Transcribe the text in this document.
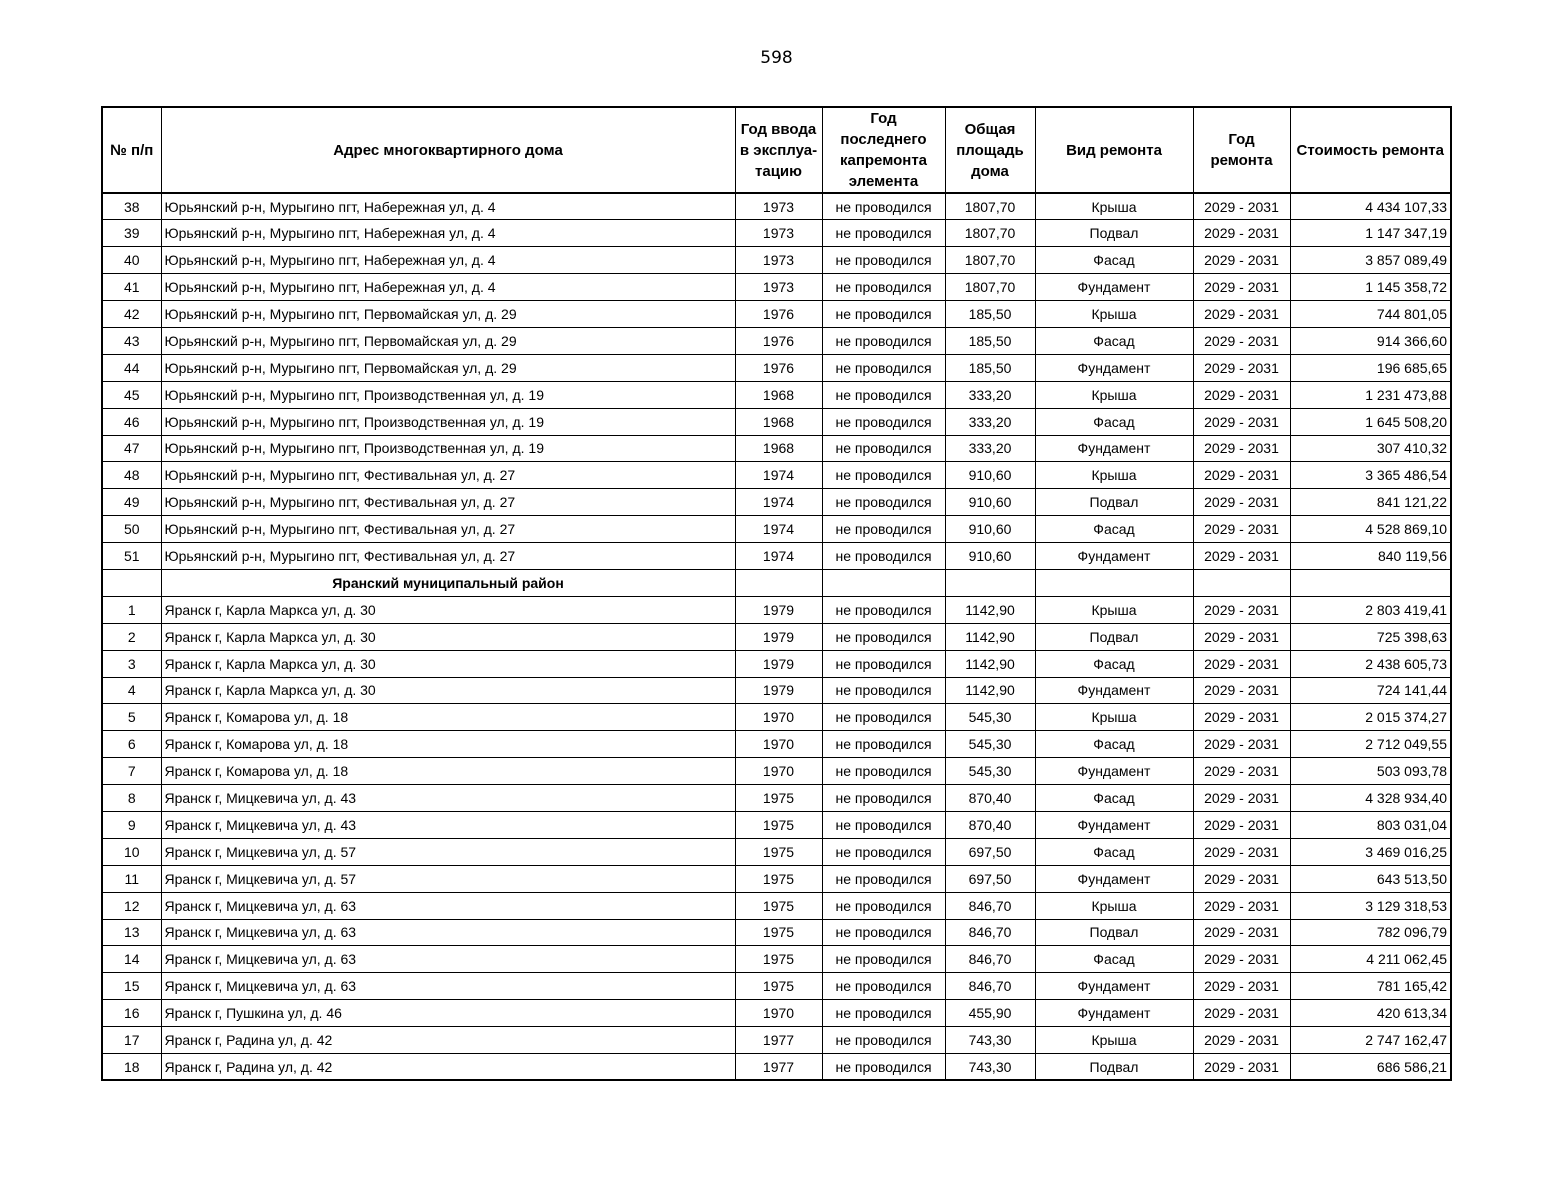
598
№ п/п	Адрес многоквартирного дома	Год ввода в эксплуа-тацию	Год последнего капремонта элемента	Общая площадь дома	Вид ремонта	Год ремонта	Стоимость ремонта
38	Юрьянский р-н, Мурыгино пгт, Набережная ул, д. 4	1973	не проводился	1807,70	Крыша	2029 - 2031	4 434 107,33
39	Юрьянский р-н, Мурыгино пгт, Набережная ул, д. 4	1973	не проводился	1807,70	Подвал	2029 - 2031	1 147 347,19
40	Юрьянский р-н, Мурыгино пгт, Набережная ул, д. 4	1973	не проводился	1807,70	Фасад	2029 - 2031	3 857 089,49
41	Юрьянский р-н, Мурыгино пгт, Набережная ул, д. 4	1973	не проводился	1807,70	Фундамент	2029 - 2031	1 145 358,72
42	Юрьянский р-н, Мурыгино пгт, Первомайская ул, д. 29	1976	не проводился	185,50	Крыша	2029 - 2031	744 801,05
43	Юрьянский р-н, Мурыгино пгт, Первомайская ул, д. 29	1976	не проводился	185,50	Фасад	2029 - 2031	914 366,60
44	Юрьянский р-н, Мурыгино пгт, Первомайская ул, д. 29	1976	не проводился	185,50	Фундамент	2029 - 2031	196 685,65
45	Юрьянский р-н, Мурыгино пгт, Производственная ул, д. 19	1968	не проводился	333,20	Крыша	2029 - 2031	1 231 473,88
46	Юрьянский р-н, Мурыгино пгт, Производственная ул, д. 19	1968	не проводился	333,20	Фасад	2029 - 2031	1 645 508,20
47	Юрьянский р-н, Мурыгино пгт, Производственная ул, д. 19	1968	не проводился	333,20	Фундамент	2029 - 2031	307 410,32
48	Юрьянский р-н, Мурыгино пгт, Фестивальная ул, д. 27	1974	не проводился	910,60	Крыша	2029 - 2031	3 365 486,54
49	Юрьянский р-н, Мурыгино пгт, Фестивальная ул, д. 27	1974	не проводился	910,60	Подвал	2029 - 2031	841 121,22
50	Юрьянский р-н, Мурыгино пгт, Фестивальная ул, д. 27	1974	не проводился	910,60	Фасад	2029 - 2031	4 528 869,10
51	Юрьянский р-н, Мурыгино пгт, Фестивальная ул, д. 27	1974	не проводился	910,60	Фундамент	2029 - 2031	840 119,56
	Яранский муниципальный район						
1	Яранск г, Карла Маркса ул, д. 30	1979	не проводился	1142,90	Крыша	2029 - 2031	2 803 419,41
2	Яранск г, Карла Маркса ул, д. 30	1979	не проводился	1142,90	Подвал	2029 - 2031	725 398,63
3	Яранск г, Карла Маркса ул, д. 30	1979	не проводился	1142,90	Фасад	2029 - 2031	2 438 605,73
4	Яранск г, Карла Маркса ул, д. 30	1979	не проводился	1142,90	Фундамент	2029 - 2031	724 141,44
5	Яранск г, Комарова ул, д. 18	1970	не проводился	545,30	Крыша	2029 - 2031	2 015 374,27
6	Яранск г, Комарова ул, д. 18	1970	не проводился	545,30	Фасад	2029 - 2031	2 712 049,55
7	Яранск г, Комарова ул, д. 18	1970	не проводился	545,30	Фундамент	2029 - 2031	503 093,78
8	Яранск г, Мицкевича ул, д. 43	1975	не проводился	870,40	Фасад	2029 - 2031	4 328 934,40
9	Яранск г, Мицкевича ул, д. 43	1975	не проводился	870,40	Фундамент	2029 - 2031	803 031,04
10	Яранск г, Мицкевича ул, д. 57	1975	не проводился	697,50	Фасад	2029 - 2031	3 469 016,25
11	Яранск г, Мицкевича ул, д. 57	1975	не проводился	697,50	Фундамент	2029 - 2031	643 513,50
12	Яранск г, Мицкевича ул, д. 63	1975	не проводился	846,70	Крыша	2029 - 2031	3 129 318,53
13	Яранск г, Мицкевича ул, д. 63	1975	не проводился	846,70	Подвал	2029 - 2031	782 096,79
14	Яранск г, Мицкевича ул, д. 63	1975	не проводился	846,70	Фасад	2029 - 2031	4 211 062,45
15	Яранск г, Мицкевича ул, д. 63	1975	не проводился	846,70	Фундамент	2029 - 2031	781 165,42
16	Яранск г, Пушкина ул, д. 46	1970	не проводился	455,90	Фундамент	2029 - 2031	420 613,34
17	Яранск г, Радина ул, д. 42	1977	не проводился	743,30	Крыша	2029 - 2031	2 747 162,47
18	Яранск г, Радина ул, д. 42	1977	не проводился	743,30	Подвал	2029 - 2031	686 586,21
